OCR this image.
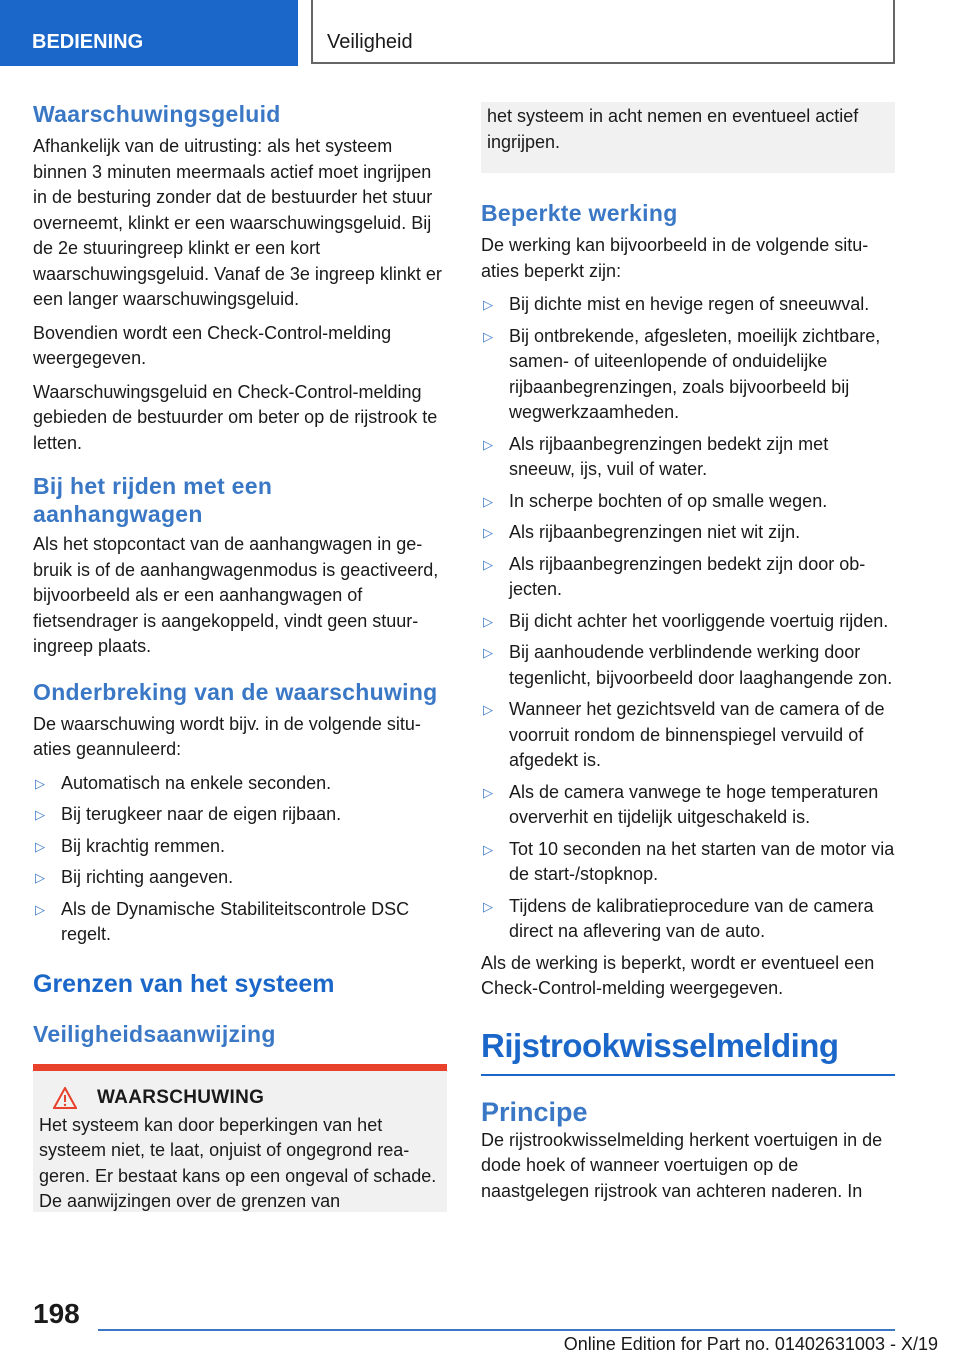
BEDIENING	Veiligheid
Waarschuwingsgeluid

Afhankelijk van de uitrusting: als het systeem binnen 3 minuten meermaals actief moet ingrijpen in de besturing zonder dat de bestuurder het stuur overneemt, klinkt er een waarschuwingsgeluid. Bij de 2e stuuringreep klinkt er een kort waarschuwingsgeluid. Vanaf de 3e ingreep klinkt er een langer waarschuwingsgeluid.

Bovendien wordt een Check-Control-melding weergegeven.

Waarschuwingsgeluid en Check-Control-melding gebieden de bestuurder om beter op de rijstrook te letten.

Bij het rijden met een aanhangwagen

Als het stopcontact van de aanhangwagen in gebruik is of de aanhangwagenmodus is geactiveerd, bijvoorbeeld als er een aanhangwagen of fietsendrager is aangekoppeld, vindt geen stuuringreep plaats.

Onderbreking van de waarschuwing

De waarschuwing wordt bijv. in de volgende situaties geannuleerd:

▷ Automatisch na enkele seconden.
▷ Bij terugkeer naar de eigen rijbaan.
▷ Bij krachtig remmen.
▷ Bij richting aangeven.
▷ Als de Dynamische Stabiliteitscontrole DSC regelt.
Grenzen van het systeem
Veiligheidsaanwijzing
WAARSCHUWING

Het systeem kan door beperkingen van het systeem niet, te laat, onjuist of ongegrond reageren. Er bestaat kans op een ongeval of schade. De aanwijzingen over de grenzen van

het systeem in acht nemen en eventueel actief ingrijpen.

Beperkte werking

De werking kan bijvoorbeeld in de volgende situaties beperkt zijn:

▷ Bij dichte mist en hevige regen of sneeuwval.
▷ Bij ontbrekende, afgesleten, moeilijk zichtbare, samen- of uiteenlopende of onduidelijke rijbaanbegrenzingen, zoals bijvoorbeeld bij wegwerkzaamheden.
▷ Als rijbaanbegrenzingen bedekt zijn met sneeuw, ijs, vuil of water.
▷ In scherpe bochten of op smalle wegen.
▷ Als rijbaanbegrenzingen niet wit zijn.
▷ Als rijbaanbegrenzingen bedekt zijn door objecten.
▷ Bij dicht achter het voorliggende voertuig rijden.
▷ Bij aanhoudende verblindende werking door tegenlicht, bijvoorbeeld door laaghangende zon.
▷ Wanneer het gezichtsveld van de camera of de voorruit rondom de binnenspiegel vervuild of afgedekt is.
▷ Als de camera vanwege te hoge temperaturen oververhit en tijdelijk uitgeschakeld is.
▷ Tot 10 seconden na het starten van de motor via de start-/stopknop.
▷ Tijdens de kalibratieprocedure van de camera direct na aflevering van de auto.

Als de werking is beperkt, wordt er eventueel een Check-Control-melding weergegeven.

Rijstrookwisselmelding
Principe

De rijstrookwisselmelding herkent voertuigen in de dode hoek of wanneer voertuigen op de naastgelegen rijstrook van achteren naderen. In

198
Online Edition for Part no. 01402631003 - X/19
